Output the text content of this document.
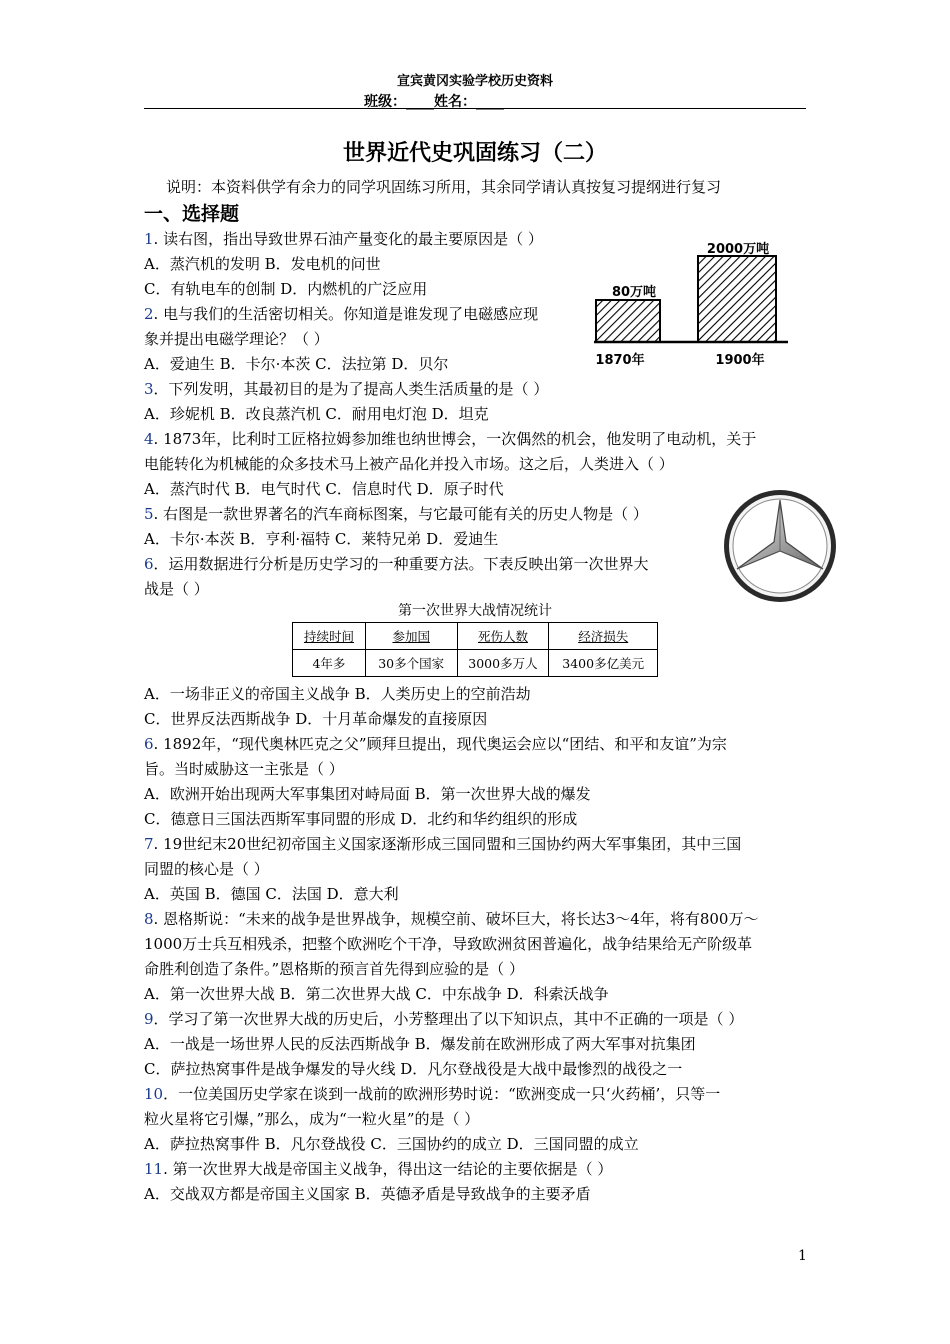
宣宾黄冈实验学校历史资料
班级：____姓名：____
世界近代史巩固练习（二）
说明：本资料供学有余力的同学巩固练习所用，其余同学请认真按复习提纲进行复习
一、选择题
1. 读右图，指出导致世界石油产量变化的最主要原因是（ ）
A．蒸汽机的发明 B．发电机的问世
C．有轨电车的创制 D．内燃机的广泛应用
2. 电与我们的生活密切相关。你知道是谁发现了电磁感应现
象并提出电磁学理论？（ ）
A．爱迪生 B．卡尔·本茨 C．法拉第 D．贝尔
3．下列发明，其最初目的是为了提高人类生活质量的是（ ）
A．珍妮机 B．改良蒸汽机 C．耐用电灯泡 D．坦克
4. 1873年，比利时工匠格拉姆参加维也纳世博会，一次偶然的机会，他发明了电动机，关于
电能转化为机械能的众多技术马上被产品化并投入市场。这之后，人类进入（ ）
A．蒸汽时代 B．电气时代 C．信息时代 D．原子时代
5. 右图是一款世界著名的汽车商标图案，与它最可能有关的历史人物是（ ）
A．卡尔·本茨 B．亨利·福特 C．莱特兄弟 D．爱迪生
6．运用数据进行分析是历史学习的一种重要方法。下表反映出第一次世界大
战是（ ）
A．一场非正义的帝国主义战争 B．人类历史上的空前浩劫
C．世界反法西斯战争 D．十月革命爆发的直接原因
6. 1892年，“现代奥林匹克之父”顾拜旦提出，现代奥运会应以“团结、和平和友谊”为宗
旨。当时威胁这一主张是（ ）
A．欧洲开始出现两大军事集团对峙局面 B．第一次世界大战的爆发
C．德意日三国法西斯军事同盟的形成 D．北约和华约组织的形成
7. 19世纪末20世纪初帝国主义国家逐渐形成三国同盟和三国协约两大军事集团，其中三国
同盟的核心是（ ）
A．英国 B．德国 C．法国 D．意大利
8. 恩格斯说：“未来的战争是世界战争，规模空前、破坏巨大，将长达3～4年，将有800万～
1000万士兵互相残杀，把整个欧洲吃个干净，导致欧洲贫困普遍化，战争结果给无产阶级革
命胜利创造了条件。”恩格斯的预言首先得到应验的是（ ）
A．第一次世界大战 B．第二次世界大战 C．中东战争 D．科索沃战争
9．学习了第一次世界大战的历史后，小芳整理出了以下知识点，其中不正确的一项是（ ）
A．一战是一场世界人民的反法西斯战争 B．爆发前在欧洲形成了两大军事对抗集团
C．萨拉热窝事件是战争爆发的导火线 D．凡尔登战役是大战中最惨烈的战役之一
10．一位美国历史学家在谈到一战前的欧洲形势时说：“欧洲变成一只‘火药桶’，只等一
粒火星将它引爆，”那么，成为“一粒火星”的是（ ）
A．萨拉热窝事件 B．凡尔登战役 C．三国协约的成立 D．三国同盟的成立
11. 第一次世界大战是帝国主义战争，得出这一结论的主要依据是（ ）
A．交战双方都是帝国主义国家 B．英德矛盾是导致战争的主要矛盾
80万吨
2000万吨
1870年	1900年
第一次世界大战情况统计
持续时间	参加国	死伤人数	经济损失
4年多	30多个国家	3000多万人	3400多亿美元
1
